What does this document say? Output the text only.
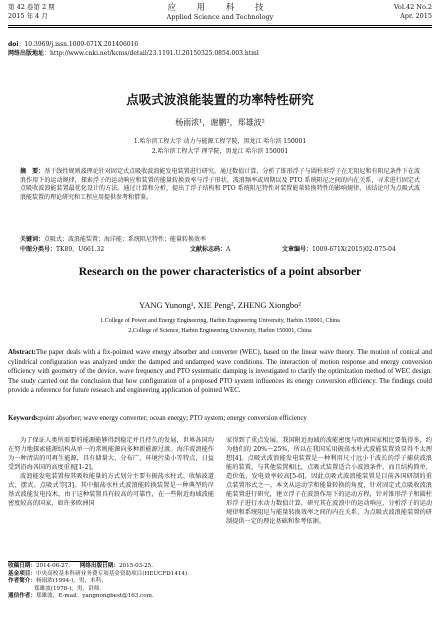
第 42 卷第 2 期
2015 年 4 月
应 用 科 技
Applied Science and Technology
Vol.42 No.2
Apr. 2015
doi：10.3969/j.issn.1009-671X.201406016
网络出版地址：http://www.cnki.net/kcms/detail/23.1191.U.20150325.0854.003.html
点吸式波浪能装置的功率特性研究
杨雨浓¹，谢鹏²，郑雄波²
1.哈尔滨工程大学 动力与能源工程学院，黑龙江 哈尔滨 150001
2.哈尔滨工程大学 理学院，黑龙江 哈尔滨 150001
摘　要：基于线性规则波理论针对固定式点吸收波浪能发电装置进行研究。通过数值计算，分析了锥形浮子与圆柱形浮子在无阻尼和有阻尼条件下在波浪作用下的运动规律，探索浮子的运动响应和装置的能量转换效率与浮子形状、波浪频率或周期以及 PTO 系统阻尼之间的内在关系，寻求进行固定式点吸收波浪能装置最优化设计的方法。通过计算和分析，提出了浮子结构和 PTO 系统阻尼特性对装置能量转换特性的影响规律，该结论可为点吸式波浪能装置的理论研究和工程应用提供参考和借鉴。
关键词：点吸式；波浪能装置；海洋能；系统阻尼特性；能量转换效率
中图分类号：TK89，U661.32	文献标志码：A	文章编号：1009-671X(2015)02-075-04
Research on the power characteristics of a point absorber
YANG Yunong¹, XIE Peng², ZHENG Xiongbo²
1.College of Power and Energy Engineering, Harbin Engineering University, Harbin 150001, China
2.College of Science, Harbin Engineering University, Harbin 150001, China
Abstract:The paper deals with a fix-pointed wave energy absorber and converter (WEC), based on the linear wave theory. The motion of conical and cylindrical configuration was analyzed under the damped and undamped wave conditions. The interaction of motion response and energy conversion efficiency with geometry of the device, wave frequency and PTO systematic damping is investigated to clarify the optimization method of WEC design. The study carried out the conclusion that how configuration of a proposed PTO system influences its energy conversion efficiency. The findings could provide a reference for future research and engineering application of pointed WEC.
Keywords:point absorber; wave energy converter; ocean energy; PTO system; energy conversion efficiency

为了保证人类所需要的能源能够得到稳定并且持久的发展，世界各国均在努力地探索能源结构从单一的常规能源向多种新能源过渡。海洋波浪能作为一种清洁的可再生能源，具有储量大、分布广、环境污染小等特点，日益受到沿海各国的高度重视[1-2]。

波浪能发电装置按其吸收能量的方式划分主要有振荡水柱式、收缩波道式、摆式、点吸式等[3]。其中振荡水柱式波浪能转换装置是一种典型的岸基式波能发电技术，由于这种装置具有较高的可靠性，在一些附近海域波能密度较高的国家，如许多欧洲国

家得到了重点发展。我国附近海域的波能密度与欧洲国家相比要低得多，约为他们的 20%～25%，所以在我国采用振荡水柱式波能装置效显得不太理想[4]。点吸式波浪能发电装置是一种利用尺寸远小于波长的浮子捕获波浪能的装置，与其他装置相比，点吸式装置适合小波浪条件，而且结构简单，造价低，发电效率较高[5-6]，因此点吸式波浪能装置是目前各国研制的重点装置形式之一。本文从运动学和能量转换的角度，针对固定式点吸收波浪能装置进行研究，建立浮子在波浪作用下的运动方程，针对锥形浮子和圆柱形浮子进行水动力数值计算，研究其在波浪中的运动响应，分析浮子的运动规律和系统阻尼与能量转换效率之间的内在关系，为点吸式波浪能装置的研制提供一定的理论基础和参考依据。

收稿日期：2014-06-27. 网络出版日期：2015-03-25.
基金项目：中央高校基本科研业务费专项基金资助项目(HEUCFD1414).
作者简介：杨雨浓(1994-)，男，本科；
郑雄波(1978-)，男，讲师.
通信作者：郑雄波，E-mail：yangnongbest@163.com.
